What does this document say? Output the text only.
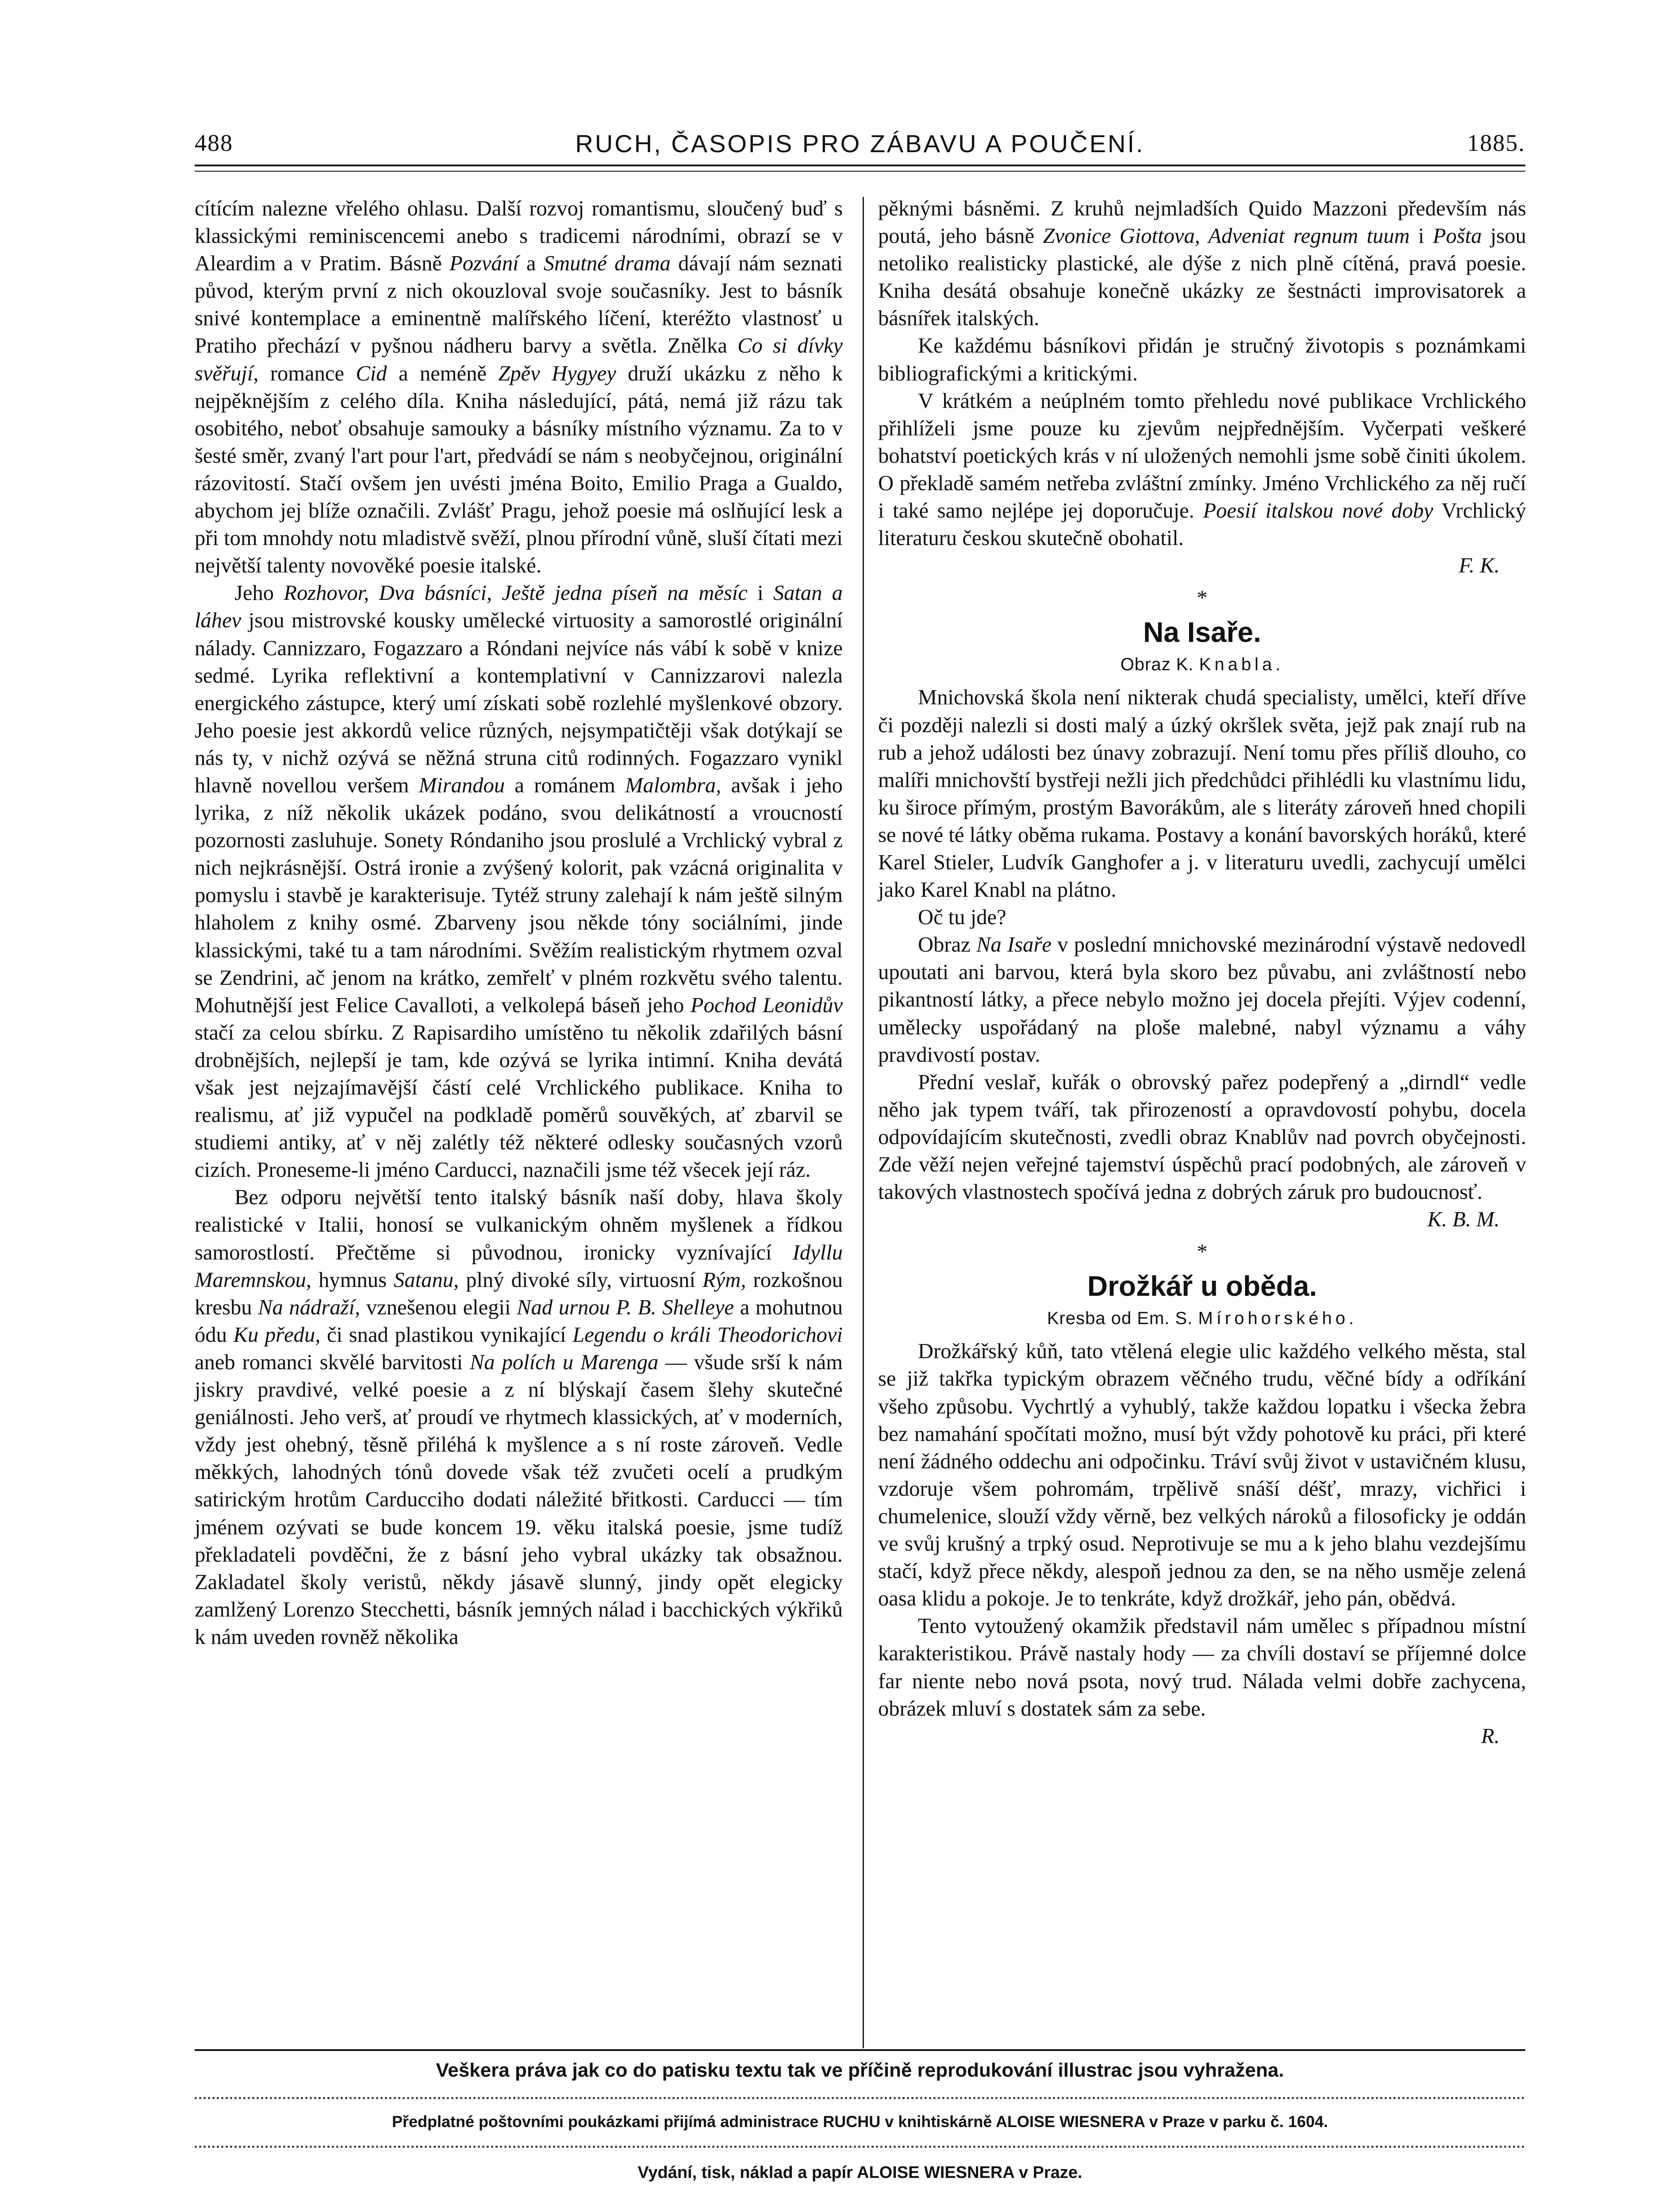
488	RUCH, ČASOPIS PRO ZÁBAVU A POUČENÍ.	1885.

cítícím nalezne vřelého ohlasu. Další rozvoj romantismu, sloučený buď s klassickými reminiscencemi anebo s tradicemi národními, obrazí se v Aleardim a v Pratim. Básně Pozvání a Smutné drama dávají nám seznati původ, kterým první z nich okouzloval svoje současníky. Jest to básník snivé kontemplace a eminentně malířského líčení, kteréžto vlastnosť u Pratiho přechází v pyšnou nádheru barvy a světla. Znělka Co si dívky svěřují, romance Cid a neméně Zpěv Hygyey druží ukázku z něho k nejpěknějším z celého díla. Kniha následující, pátá, nemá již rázu tak osobitého, neboť obsahuje samouky a básníky místního významu. Za to v šesté směr, zvaný l'art pour l'art, předvádí se nám s neobyčejnou, originální rázovitostí. Stačí ovšem jen uvésti jména Boito, Emilio Praga a Gualdo, abychom jej blíže označili. Zvlášť Pragu, jehož poesie má oslňující lesk a při tom mnohdy notu mladistvě svěží, plnou přírodní vůně, sluší čítati mezi největší talenty novověké poesie italské.

Jeho Rozhovor, Dva básníci, Ještě jedna píseň na měsíc i Satan a láhev jsou mistrovské kousky umělecké virtuosity a samorostlé originální nálady. Cannizzaro, Fogazzaro a Róndani nejvíce nás vábí k sobě v knize sedmé. Lyrika reflektivní a kontemplativní v Cannizzarovi nalezla energického zástupce, který umí získati sobě rozlehlé myšlenkové obzory. Jeho poesie jest akkordů velice různých, nejsympatičtěji však dotýkají se nás ty, v nichž ozývá se něžná struna citů rodinných. Fogazzaro vynikl hlavně novellou veršem Mirandou a románem Malombra, avšak i jeho lyrika, z níž několik ukázek podáno, svou delikátností a vroucností pozornosti zasluhuje. Sonety Róndaniho jsou proslulé a Vrchlický vybral z nich nejkrásnější. Ostrá ironie a zvýšený kolorit, pak vzácná originalita v pomyslu i stavbě je karakterisuje. Tytéž struny zalehají k nám ještě silným hlaholem z knihy osmé. Zbarveny jsou někde tóny sociálními, jinde klassickými, také tu a tam národními. Svěžím realistickým rhytmem ozval se Zendrini, ač jenom na krátko, zemřelť v plném rozkvětu svého talentu. Mohutnější jest Felice Cavalloti, a velkolepá báseň jeho Pochod Leonidův stačí za celou sbírku. Z Rapisardiho umístěno tu několik zdařilých básní drobnějších, nejlepší je tam, kde ozývá se lyrika intimní. Kniha devátá však jest nejzajímavější částí celé Vrchlického publikace. Kniha to realismu, ať již vypučel na podkladě poměrů souvěkých, ať zbarvil se studiemi antiky, ať v něj zalétly též některé odlesky současných vzorů cizích. Proneseme-li jméno Carducci, naznačili jsme též všecek její ráz.

Bez odporu největší tento italský básník naší doby, hlava školy realistické v Italii, honosí se vulkanickým ohněm myšlenek a řídkou samorostlostí. Přečtěme si původnou, ironicky vyznívající Idyllu Maremnskou, hymnus Satanu, plný divoké síly, virtuosní Rým, rozkošnou kresbu Na nádraží, vznešenou elegii Nad urnou P. B. Shelleye a mohutnou ódu Ku předu, či snad plastikou vynikající Legendu o králi Theodorichovi aneb romanci skvělé barvitosti Na polích u Marenga — všude srší k nám jiskry pravdivé, velké poesie a z ní blýskají časem šlehy skutečné geniálnosti. Jeho verš, ať proudí ve rhytmech klassických, ať v moderních, vždy jest ohebný, těsně přiléhá k myšlence a s ní roste zároveň. Vedle měkkých, lahodných tónů dovede však též zvučeti ocelí a prudkým satirickým hrotům Carducciho dodati náležité břitkosti. Carducci — tím jménem ozývati se bude koncem 19. věku italská poesie, jsme tudíž překladateli povděčni, že z básní jeho vybral ukázky tak obsažnou. Zakladatel školy veristů, někdy jásavě slunný, jindy opět elegicky zamlžený Lorenzo Stecchetti, básník jemných nálad i bacchických výkřiků k nám uveden rovněž několika

pěknými básněmi. Z kruhů nejmladších Quido Mazzoni především nás poutá, jeho básně Zvonice Giottova, Adveniat regnum tuum i Pošta jsou netoliko realisticky plastické, ale dýše z nich plně cítěná, pravá poesie. Kniha desátá obsahuje konečně ukázky ze šestnácti improvisatorek a básnířek italských.

Ke každému básníkovi přidán je stručný životopis s poznámkami bibliografickými a kritickými.

V krátkém a neúplném tomto přehledu nové publikace Vrchlického přihlíželi jsme pouze ku zjevům nejpřednějším. Vyčerpati veškeré bohatství poetických krás v ní uložených nemohli jsme sobě činiti úkolem. O překladě samém netřeba zvláštní zmínky. Jméno Vrchlického za něj ručí i také samo nejlépe jej doporučuje. Poesií italskou nové doby Vrchlický literaturu českou skutečně obohatil.

F. K.
*
Na Isaře.
Obraz K. Knabla.

Mnichovská škola není nikterak chudá specialisty, umělci, kteří dříve či později nalezli si dosti malý a úzký okršlek světa, jejž pak znají rub na rub a jehož události bez únavy zobrazují. Není tomu přes příliš dlouho, co malíři mnichovští bystřeji nežli jich předchůdci přihlédli ku vlastnímu lidu, ku široce přímým, prostým Bavorákům, ale s literáty zároveň hned chopili se nové té látky oběma rukama. Postavy a konání bavorských horáků, které Karel Stieler, Ludvík Ganghofer a j. v literaturu uvedli, zachycují umělci jako Karel Knabl na plátno.

Oč tu jde?

Obraz Na Isaře v poslední mnichovské mezinárodní výstavě nedovedl upoutati ani barvou, která byla skoro bez půvabu, ani zvláštností nebo pikantností látky, a přece nebylo možno jej docela přejíti. Výjev codenní, umělecky uspořádaný na ploše malebné, nabyl významu a váhy pravdivostí postav.

Přední veslař, kuřák o obrovský pařez podepřený a „dirndl“ vedle něho jak typem tváří, tak přirozeností a opravdovostí pohybu, docela odpovídajícím skutečnosti, zvedli obraz Knablův nad povrch obyčejnosti. Zde věží nejen veřejné tajemství úspěchů prací podobných, ale zároveň v takových vlastnostech spočívá jedna z dobrých záruk pro budoucnosť.

K. B. M.
*
Drožkář u oběda.
Kresba od Em. S. Mírohorského.

Drožkářský kůň, tato vtělená elegie ulic každého velkého města, stal se již takřka typickým obrazem věčného trudu, věčné bídy a odříkání všeho způsobu. Vychrtlý a vyhublý, takže každou lopatku i všecka žebra bez namahání spočítati možno, musí být vždy pohotově ku práci, při které není žádného oddechu ani odpočinku. Tráví svůj život v ustavičném klusu, vzdoruje všem pohromám, trpělivě snáší déšť, mrazy, vichřici i chumelenice, slouží vždy věrně, bez velkých nároků a filosoficky je oddán ve svůj krušný a trpký osud. Neprotivuje se mu a k jeho blahu vezdejšímu stačí, když přece někdy, alespoň jednou za den, se na něho usměje zelená oasa klidu a pokoje. Je to tenkráte, když drožkář, jeho pán, obědvá.

Tento vytoužený okamžik představil nám umělec s případnou místní karakteristikou. Právě nastaly hody — za chvíli dostaví se příjemné dolce far niente nebo nová psota, nový trud. Nálada velmi dobře zachycena, obrázek mluví s dostatek sám za sebe.

R.
Veškera práva jak co do patisku textu tak ve příčině reprodukování illustrac jsou vyhražena.
Předplatné poštovními poukázkami přijímá administrace RUCHU v knihtiskárně ALOISE WIESNERA v Praze v parku č. 1604.
Vydání, tisk, náklad a papír ALOISE WIESNERA v Praze.
